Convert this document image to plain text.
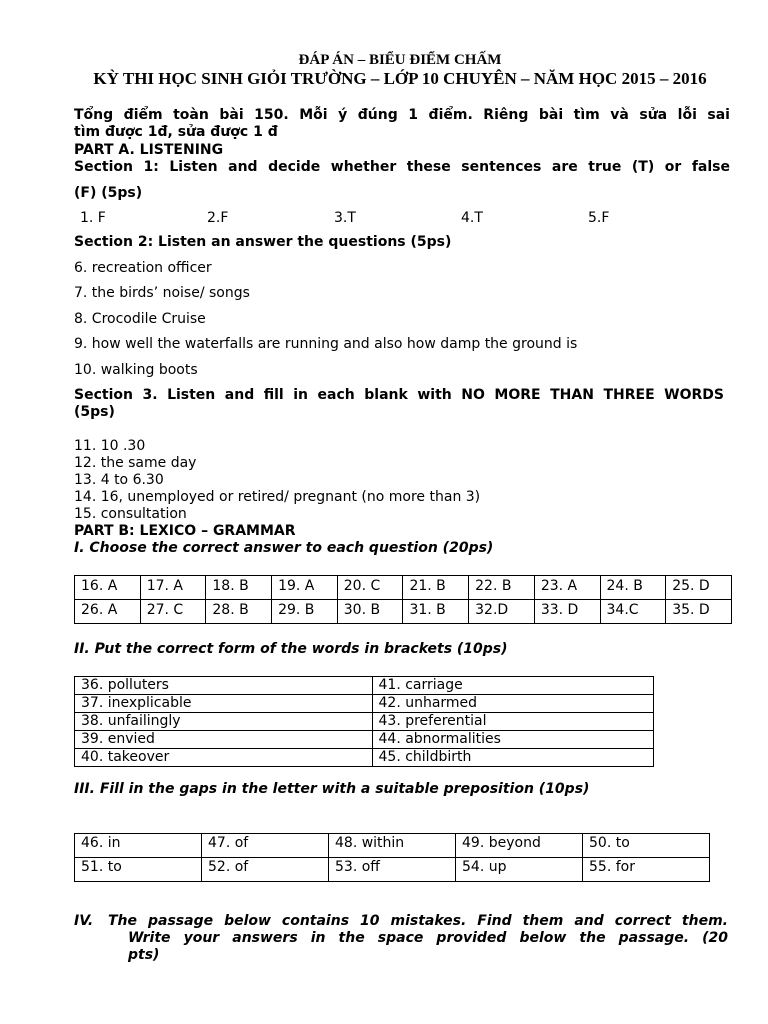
ĐÁP ÁN – BIỂU ĐIỂM CHẤM
KỲ THI HỌC SINH GIỎI TRƯỜNG – LỚP 10 CHUYÊN – NĂM HỌC 2015 – 2016
Tổng điểm toàn bài 150. Mỗi ý đúng 1 điểm. Riêng bài tìm và sửa lỗi sai
tìm được 1đ, sửa được 1 đ
PART A. LISTENING
Section 1: Listen and decide whether these sentences are true (T) or false
(F) (5ps)
1. F	2.F	3.T	4.T	5.F
Section 2: Listen an answer the questions (5ps)
6. recreation officer
7. the birds’ noise/ songs
8. Crocodile Cruise
9. how well the waterfalls are running and also how damp the ground is
10. walking boots
Section 3. Listen and fill in each blank with NO MORE THAN THREE WORDS
(5ps)
11. 10 .30
12. the same day
13. 4 to 6.30
14. 16, unemployed or retired/ pregnant (no more than 3)
15. consultation
PART B: LEXICO – GRAMMAR
I. Choose the correct answer to each question (20ps)
16. A	17. A	18. B	19. A	20. C	21. B	22. B	23. A	24. B	25. D
26. A	27. C	28. B	29. B	30. B	31. B	32.D	33. D	34.C	35. D
II. Put the correct form of the words in brackets (10ps)
36. polluters	41. carriage
37. inexplicable	42. unharmed
38. unfailingly	43. preferential
39. envied	44. abnormalities
40. takeover	45. childbirth
III. Fill in the gaps in the letter with a suitable preposition (10ps)
46. in	47. of	48. within	49. beyond	50. to
51. to	52. of	53. off	54. up	55. for
IV. The passage below contains 10 mistakes. Find them and correct them.
Write your answers in the space provided below the passage. (20
pts)
